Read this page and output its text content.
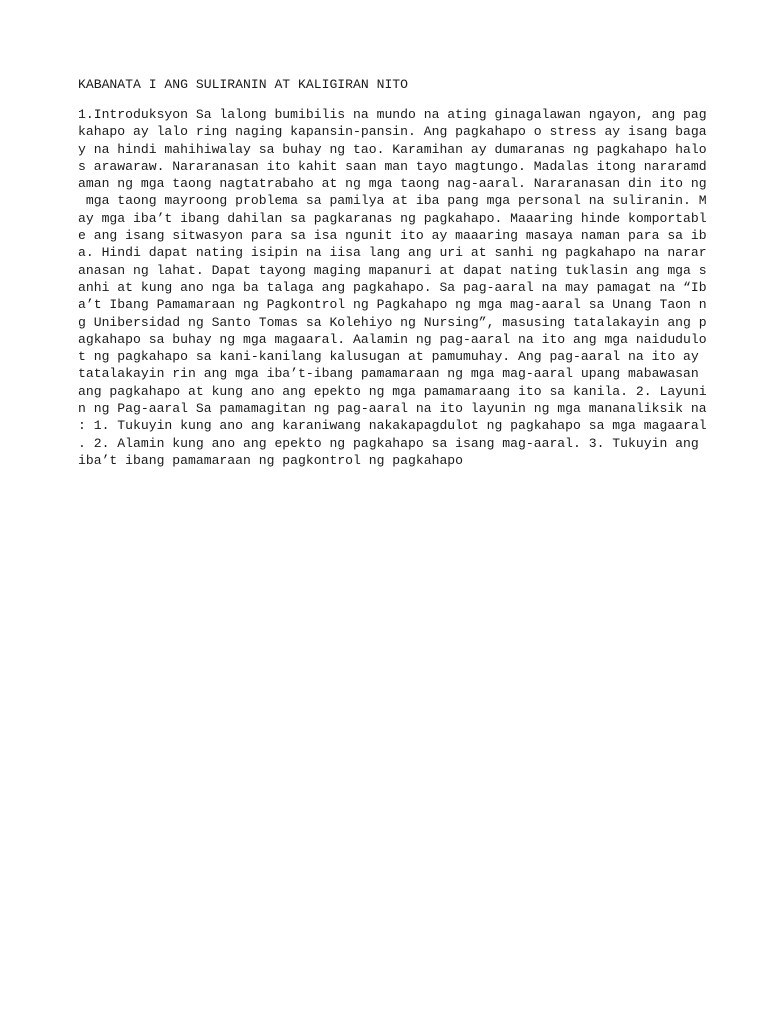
KABANATA I ANG SULIRANIN AT KALIGIRAN NITO
1.Introduksyon Sa lalong bumibilis na mundo na ating ginagalawan ngayon, ang pag
kahapo ay lalo ring naging kapansin-pansin. Ang pagkahapo o stress ay isang baga
y na hindi mahihiwalay sa buhay ng tao. Karamihan ay dumaranas ng pagkahapo halo
s arawaraw. Nararanasan ito kahit saan man tayo magtungo. Madalas itong nararamd
aman ng mga taong nagtatrabaho at ng mga taong nag-aaral. Nararanasan din ito ng
mga taong mayroong problema sa pamilya at iba pang mga personal na suliranin. M
ay mga iba’t ibang dahilan sa pagkaranas ng pagkahapo. Maaaring hinde komportabl
e ang isang sitwasyon para sa isa ngunit ito ay maaaring masaya naman para sa ib
a. Hindi dapat nating isipin na iisa lang ang uri at sanhi ng pagkahapo na narar
anasan ng lahat. Dapat tayong maging mapanuri at dapat nating tuklasin ang mga s
anhi at kung ano nga ba talaga ang pagkahapo. Sa pag-aaral na may pamagat na “Ib
a’t Ibang Pamamaraan ng Pagkontrol ng Pagkahapo ng mga mag-aaral sa Unang Taon n
g Unibersidad ng Santo Tomas sa Kolehiyo ng Nursing”, masusing tatalakayin ang p
agkahapo sa buhay ng mga magaaral. Aalamin ng pag-aaral na ito ang mga naidudulo
t ng pagkahapo sa kani-kanilang kalusugan at pamumuhay. Ang pag-aaral na ito ay
tatalakayin rin ang mga iba’t-ibang pamamaraan ng mga mag-aaral upang mabawasan
ang pagkahapo at kung ano ang epekto ng mga pamamaraang ito sa kanila. 2. Layuni
n ng Pag-aaral Sa pamamagitan ng pag-aaral na ito layunin ng mga mananaliksik na
: 1. Tukuyin kung ano ang karaniwang nakakapagdulot ng pagkahapo sa mga magaaral
. 2. Alamin kung ano ang epekto ng pagkahapo sa isang mag-aaral. 3. Tukuyin ang
iba’t ibang pamamaraan ng pagkontrol ng pagkahapo
